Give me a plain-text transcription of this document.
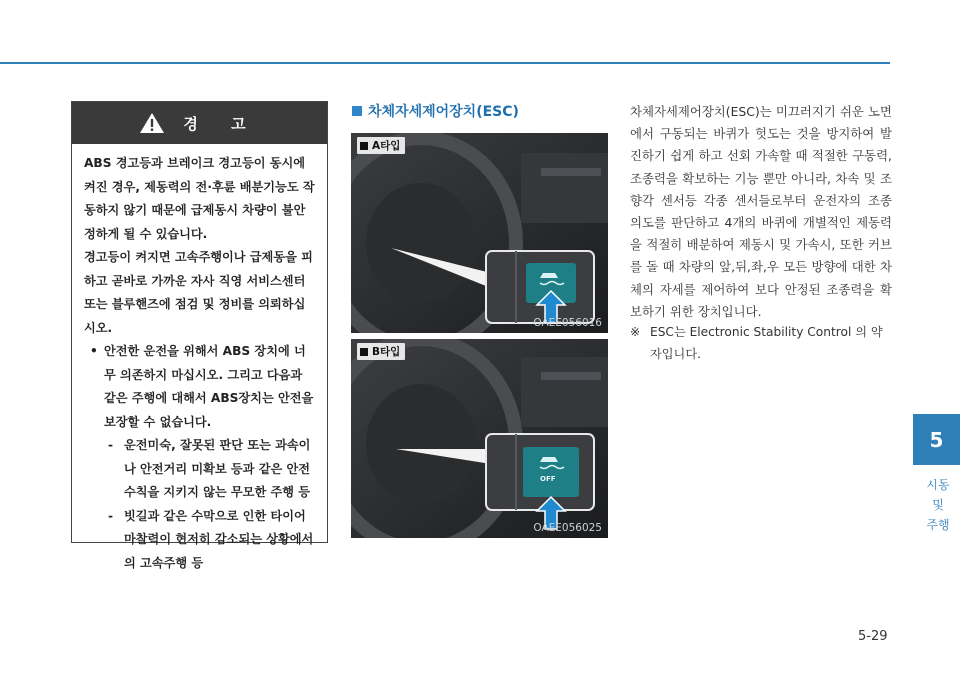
경 고

ABS 경고등과 브레이크 경고등이 동시에 켜진 경우, 제동력의 전·후륜 배분기능도 작동하지 않기 때문에 급제동시 차량이 불안정하게 될 수 있습니다.

경고등이 켜지면 고속주행이나 급제동을 피하고 곧바로 가까운 자사 직영 서비스센터 또는 블루핸즈에 점검 및 정비를 의뢰하십시오.

• 안전한 운전을 위해서 ABS 장치에 너무 의존하지 마십시오. 그리고 다음과 같은 주행에 대해서 ABS장치는 안전을 보장할 수 없습니다.
- 운전미숙, 잘못된 판단 또는 과속이나 안전거리 미확보 등과 같은 안전수칙을 지키지 않는 무모한 주행 등
- 빗길과 같은 수막으로 인한 타이어 마찰력이 현저히 감소되는 상황에서의 고속주행 등
차체자세제어장치(ESC)
A타입
OAEE056016
OFF
B타입
OAEE056025

차체자세제어장치(ESC)는 미끄러지기 쉬운 노면에서 구동되는 바퀴가 헛도는 것을 방지하여 발진하기 쉽게 하고 선회 가속할 때 적절한 구동력, 조종력을 확보하는 기능 뿐만 아니라, 차속 및 조향각 센서등 각종 센서들로부터 운전자의 조종 의도를 판단하고 4개의 바퀴에 개별적인 제동력을 적절히 배분하여 제동시 및 가속시, 또한 커브를 돌 때 차량의 앞,뒤,좌,우 모든 방향에 대한 차체의 자세를 제어하여 보다 안정된 조종력을 확보하기 위한 장치입니다.

※ ESC는 Electronic Stability Control 의 약자입니다.
5
시동
및
주행
5-29
